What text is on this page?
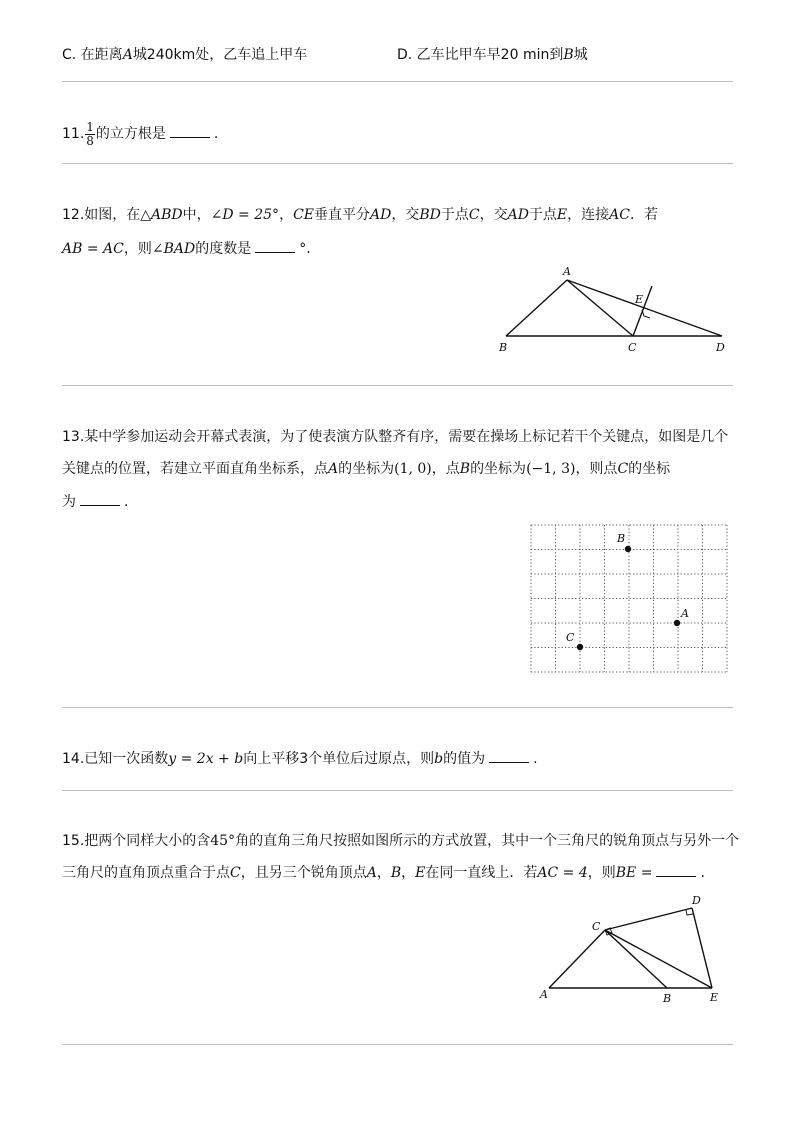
C. 在距离A城240km处，乙车追上甲车	D. 乙车比甲车早20 min到B城
11. $\frac{1}{8}$ 的立方根是	.
12.如图，在△ABD中，∠D = 25°，CE垂直平分AD，交BD于点C，交AD于点E，连接AC．若
AB = AC，则∠BAD的度数是	°.
A
B	C	D
E
13.某中学参加运动会开幕式表演，为了使表演方队整齐有序，需要在操场上标记若干个关键点，如图是几个
关键点的位置，若建立平面直角坐标系，点A的坐标为(1, 0)，点B的坐标为(−1, 3)，则点C的坐标
为	.
B
A
C
14.已知一次函数y = 2x + b向上平移3个单位后过原点，则b的值为	.
15.把两个同样大小的含45°角的直角三角尺按照如图所示的方式放置，其中一个三角尺的锐角顶点与另外一个
三角尺的直角顶点重合于点C，且另三个锐角顶点A，B，E在同一直线上．若AC = 4，则BE =	.
A	B
C
D
E
